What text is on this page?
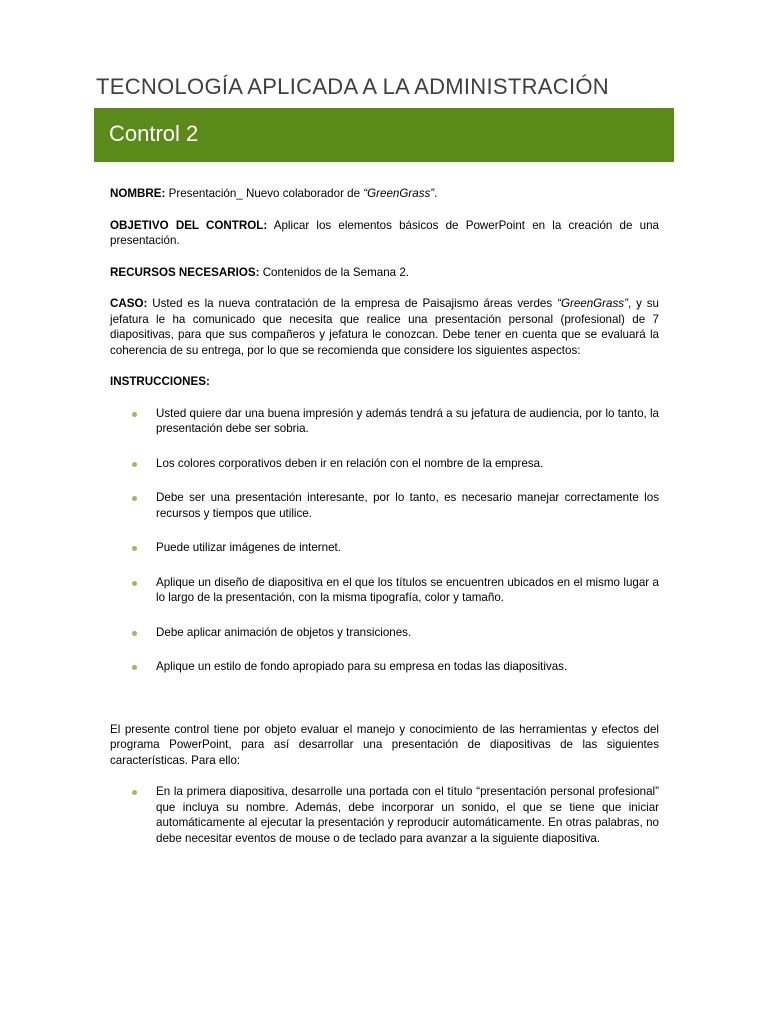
TECNOLOGÍA APLICADA A LA ADMINISTRACIÓN
Control 2

NOMBRE: Presentación_ Nuevo colaborador de “GreenGrass”.

OBJETIVO DEL CONTROL: Aplicar los elementos básicos de PowerPoint en la creación de una presentación.

RECURSOS NECESARIOS: Contenidos de la Semana 2.

CASO: Usted es la nueva contratación de la empresa de Paisajismo áreas verdes “GreenGrass”, y su jefatura le ha comunicado que necesita que realice una presentación personal (profesional) de 7 diapositivas, para que sus compañeros y jefatura le conozcan. Debe tener en cuenta que se evaluará la coherencia de su entrega, por lo que se recomienda que considere los siguientes aspectos:

INSTRUCCIONES:

Usted quiere dar una buena impresión y además tendrá a su jefatura de audiencia, por lo tanto, la presentación debe ser sobria.
Los colores corporativos deben ir en relación con el nombre de la empresa.
Debe ser una presentación interesante, por lo tanto, es necesario manejar correctamente los recursos y tiempos que utilice.
Puede utilizar imágenes de internet.
Aplique un diseño de diapositiva en el que los títulos se encuentren ubicados en el mismo lugar a lo largo de la presentación, con la misma tipografía, color y tamaño.
Debe aplicar animación de objetos y transiciones.
Aplique un estilo de fondo apropiado para su empresa en todas las diapositivas.

El presente control tiene por objeto evaluar el manejo y conocimiento de las herramientas y efectos del programa PowerPoint, para así desarrollar una presentación de diapositivas de las siguientes características. Para ello:

En la primera diapositiva, desarrolle una portada con el título “presentación personal profesional” que incluya su nombre. Además, debe incorporar un sonido, el que se tiene que iniciar automáticamente al ejecutar la presentación y reproducir automáticamente. En otras palabras, no debe necesitar eventos de mouse o de teclado para avanzar a la siguiente diapositiva.
